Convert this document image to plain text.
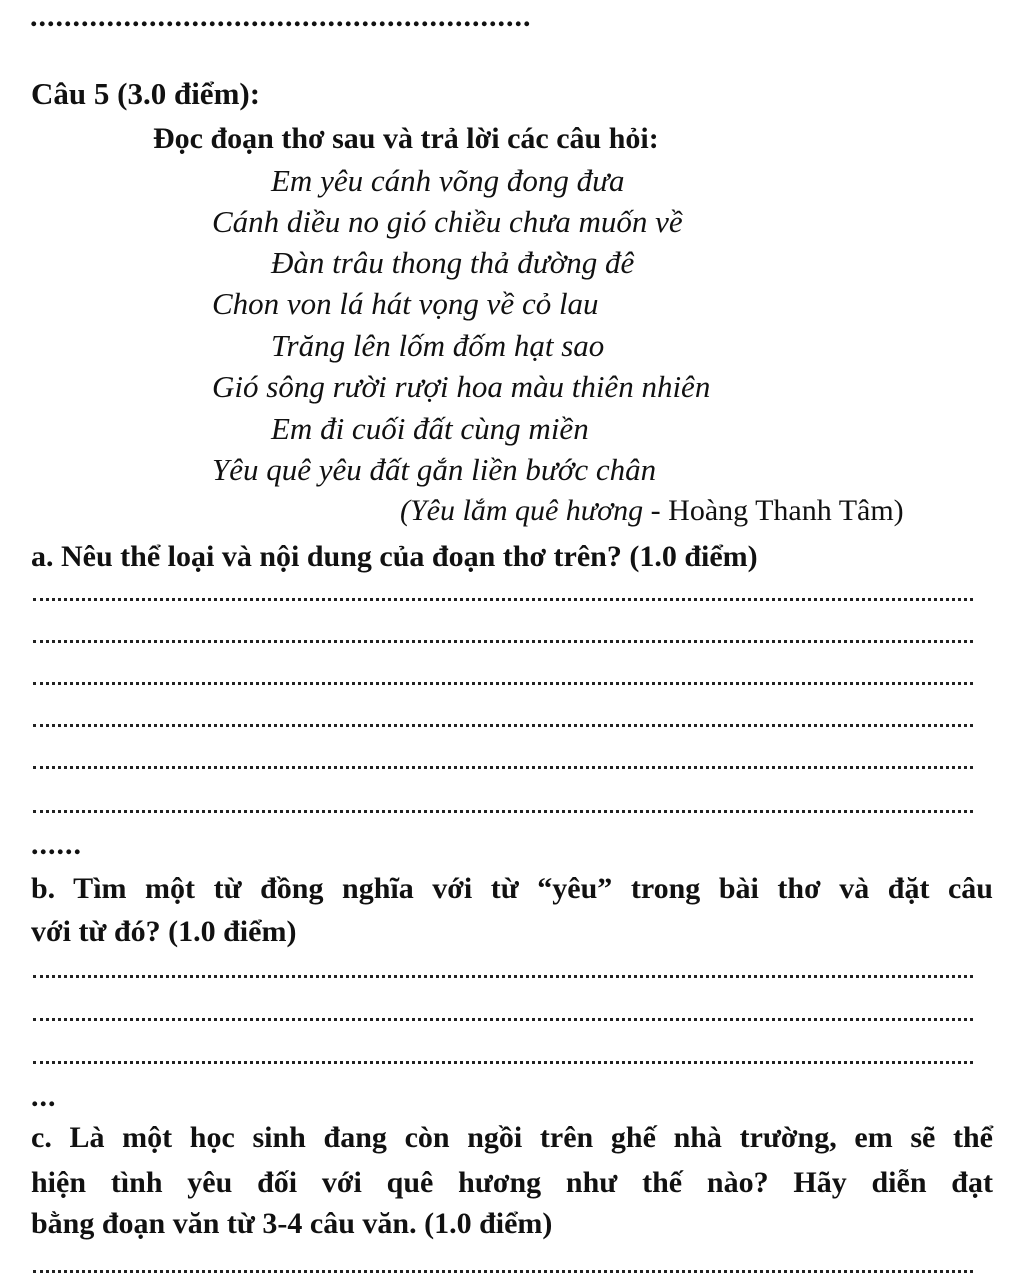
...........................................................
Câu 5 (3.0 điểm):
Đọc đoạn thơ sau và trả lời các câu hỏi:
Em yêu cánh võng đong đưa
Cánh diều no gió chiều chưa muốn về
Đàn trâu thong thả đường đê
Chon von lá hát vọng về cỏ lau
Trăng lên lốm đốm hạt sao
Gió sông rười rượi hoa màu thiên nhiên
Em đi cuối đất cùng miền
Yêu quê yêu đất gắn liền bước chân
(Yêu lắm quê hương - Hoàng Thanh Tâm)
a. Nêu thể loại và nội dung của đoạn thơ trên? (1.0 điểm)
......
b. Tìm một từ đồng nghĩa với từ “yêu” trong bài thơ và đặt câu
với từ đó? (1.0 điểm)
...
c. Là một học sinh đang còn ngồi trên ghế nhà trường, em sẽ thể
hiện tình yêu đối với quê hương như thế nào? Hãy diễn đạt
bằng đoạn văn từ 3-4 câu văn. (1.0 điểm)
